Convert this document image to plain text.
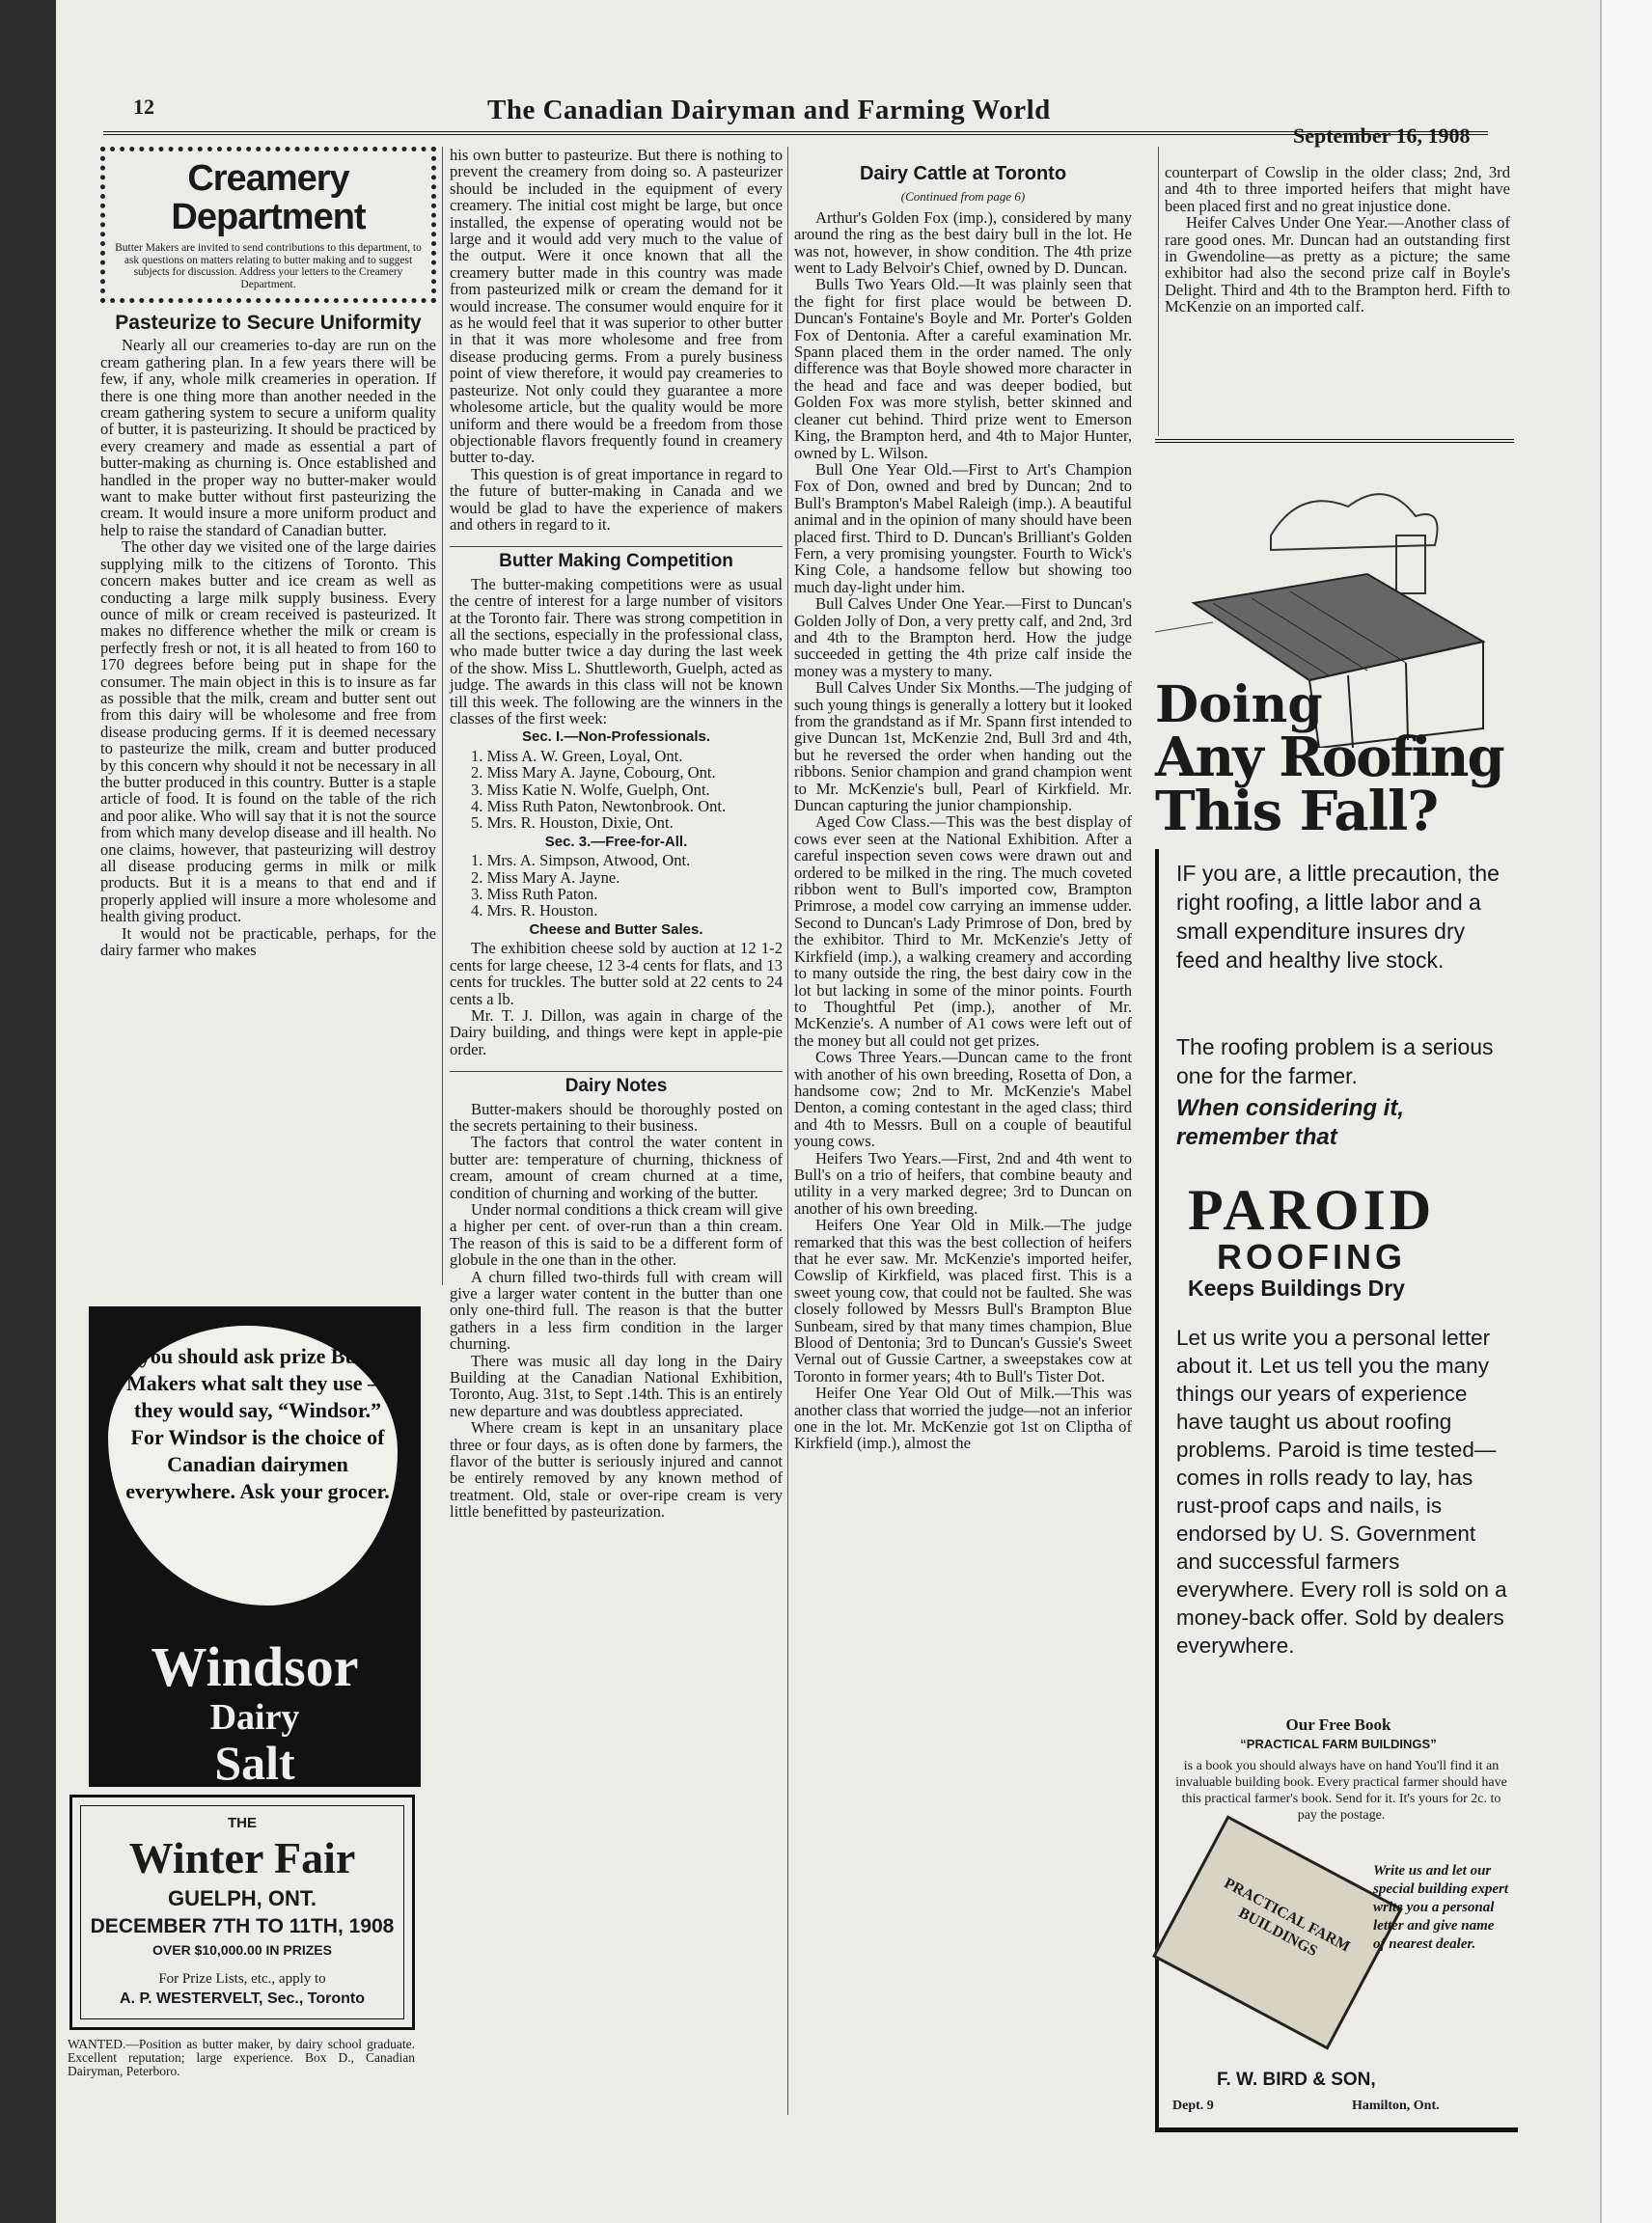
12	The Canadian Dairyman and Farming World
September 16, 1908
Creamery Department
Butter Makers are invited to send contributions to this department, to ask questions on matters relating to butter making and to suggest subjects for discussion. Address your letters to the Creamery Department.
Pasteurize to Secure Uniformity

Nearly all our creameries to-day are run on the cream gathering plan. In a few years there will be few, if any, whole milk creameries in operation. If there is one thing more than another needed in the cream gathering system to secure a uniform quality of butter, it is pasteurizing. It should be practiced by every creamery and made as essential a part of butter-making as churning is. Once established and handled in the proper way no butter-maker would want to make butter without first pasteurizing the cream. It would insure a more uniform product and help to raise the standard of Canadian butter.

The other day we visited one of the large dairies supplying milk to the citizens of Toronto. This concern makes butter and ice cream as well as conducting a large milk supply business. Every ounce of milk or cream received is pasteurized. It makes no difference whether the milk or cream is perfectly fresh or not, it is all heated to from 160 to 170 degrees before being put in shape for the consumer. The main object in this is to insure as far as possible that the milk, cream and butter sent out from this dairy will be wholesome and free from disease producing germs. If it is deemed necessary to pasteurize the milk, cream and butter produced by this concern why should it not be necessary in all the butter produced in this country. Butter is a staple article of food. It is found on the table of the rich and poor alike. Who will say that it is not the source from which many develop disease and ill health. No one claims, however, that pasteurizing will destroy all disease producing germs in milk or milk products. But it is a means to that end and if properly applied will insure a more wholesome and health giving product.

It would not be practicable, perhaps, for the dairy farmer who makes

his own butter to pasteurize. But there is nothing to prevent the creamery from doing so. A pasteurizer should be included in the equipment of every creamery. The initial cost might be large, but once installed, the expense of operating would not be large and it would add very much to the value of the output. Were it once known that all the creamery butter made in this country was made from pasteurized milk or cream the demand for it would increase. The consumer would enquire for it as he would feel that it was superior to other butter in that it was more wholesome and free from disease producing germs. From a purely business point of view therefore, it would pay creameries to pasteurize. Not only could they guarantee a more wholesome article, but the quality would be more uniform and there would be a freedom from those objectionable flavors frequently found in creamery butter to-day.

This question is of great importance in regard to the future of butter-making in Canada and we would be glad to have the experience of makers and others in regard to it.

Butter Making Competition

The butter-making competitions were as usual the centre of interest for a large number of visitors at the Toronto fair. There was strong competition in all the sections, especially in the professional class, who made butter twice a day during the last week of the show. Miss L. Shuttleworth, Guelph, acted as judge. The awards in this class will not be known till this week. The following are the winners in the classes of the first week:

Sec. I.—Non-Professionals.

1. Miss A. W. Green, Loyal, Ont.

2. Miss Mary A. Jayne, Cobourg, Ont.

3. Miss Katie N. Wolfe, Guelph, Ont.

4. Miss Ruth Paton, Newtonbrook. Ont.

5. Mrs. R. Houston, Dixie, Ont.

Sec. 3.—Free-for-All.

1. Mrs. A. Simpson, Atwood, Ont.

2. Miss Mary A. Jayne.

3. Miss Ruth Paton.

4. Mrs. R. Houston.

Cheese and Butter Sales.

The exhibition cheese sold by auction at 12 1-2 cents for large cheese, 12 3-4 cents for flats, and 13 cents for truckles. The butter sold at 22 cents to 24 cents a lb.

Mr. T. J. Dillon, was again in charge of the Dairy building, and things were kept in apple-pie order.

Dairy Notes

Butter-makers should be thoroughly posted on the secrets pertaining to their business.

The factors that control the water content in butter are: temperature of churning, thickness of cream, amount of cream churned at a time, condition of churning and working of the butter.

Under normal conditions a thick cream will give a higher per cent. of over-run than a thin cream. The reason of this is said to be a different form of globule in the one than in the other.

A churn filled two-thirds full with cream will give a larger water content in the butter than one only one-third full. The reason is that the butter gathers in a less firm condition in the larger churning.

There was music all day long in the Dairy Building at the Canadian National Exhibition, Toronto, Aug. 31st, to Sept .14th. This is an entirely new departure and was doubtless appreciated.

Where cream is kept in an unsanitary place three or four days, as is often done by farmers, the flavor of the butter is seriously injured and cannot be entirely removed by any known method of treatment. Old, stale or over-ripe cream is very little benefitted by pasteurization.

Dairy Cattle at Toronto
(Continued from page 6)

Arthur's Golden Fox (imp.), considered by many around the ring as the best dairy bull in the lot. He was not, however, in show condition. The 4th prize went to Lady Belvoir's Chief, owned by D. Duncan.

Bulls Two Years Old.—It was plainly seen that the fight for first place would be between D. Duncan's Fontaine's Boyle and Mr. Porter's Golden Fox of Dentonia. After a careful examination Mr. Spann placed them in the order named. The only difference was that Boyle showed more character in the head and face and was deeper bodied, but Golden Fox was more stylish, better skinned and cleaner cut behind. Third prize went to Emerson King, the Brampton herd, and 4th to Major Hunter, owned by L. Wilson.

Bull One Year Old.—First to Art's Champion Fox of Don, owned and bred by Duncan; 2nd to Bull's Brampton's Mabel Raleigh (imp.). A beautiful animal and in the opinion of many should have been placed first. Third to D. Duncan's Brilliant's Golden Fern, a very promising youngster. Fourth to Wick's King Cole, a handsome fellow but showing too much day-light under him.

Bull Calves Under One Year.—First to Duncan's Golden Jolly of Don, a very pretty calf, and 2nd, 3rd and 4th to the Brampton herd. How the judge succeeded in getting the 4th prize calf inside the money was a mystery to many.

Bull Calves Under Six Months.—The judging of such young things is generally a lottery but it looked from the grandstand as if Mr. Spann first intended to give Duncan 1st, McKenzie 2nd, Bull 3rd and 4th, but he reversed the order when handing out the ribbons. Senior champion and grand champion went to Mr. McKenzie's bull, Pearl of Kirkfield. Mr. Duncan capturing the junior championship.

Aged Cow Class.—This was the best display of cows ever seen at the National Exhibition. After a careful inspection seven cows were drawn out and ordered to be milked in the ring. The much coveted ribbon went to Bull's imported cow, Brampton Primrose, a model cow carrying an immense udder. Second to Duncan's Lady Primrose of Don, bred by the exhibitor. Third to Mr. McKenzie's Jetty of Kirkfield (imp.), a walking creamery and according to many outside the ring, the best dairy cow in the lot but lacking in some of the minor points. Fourth to Thoughtful Pet (imp.), another of Mr. McKenzie's. A number of A1 cows were left out of the money but all could not get prizes.

Cows Three Years.—Duncan came to the front with another of his own breeding, Rosetta of Don, a handsome cow; 2nd to Mr. McKenzie's Mabel Denton, a coming contestant in the aged class; third and 4th to Messrs. Bull on a couple of beautiful young cows.

Heifers Two Years.—First, 2nd and 4th went to Bull's on a trio of heifers, that combine beauty and utility in a very marked degree; 3rd to Duncan on another of his own breeding.

Heifers One Year Old in Milk.—The judge remarked that this was the best collection of heifers that he ever saw. Mr. McKenzie's imported heifer, Cowslip of Kirkfield, was placed first. This is a sweet young cow, that could not be faulted. She was closely followed by Messrs Bull's Brampton Blue Sunbeam, sired by that many times champion, Blue Blood of Dentonia; 3rd to Duncan's Gussie's Sweet Vernal out of Gussie Cartner, a sweepstakes cow at Toronto in former years; 4th to Bull's Tister Dot.

Heifer One Year Old Out of Milk.—This was another class that worried the judge—not an inferior one in the lot. Mr. McKenzie got 1st on Cliptha of Kirkfield (imp.), almost the

counterpart of Cowslip in the older class; 2nd, 3rd and 4th to three imported heifers that might have been placed first and no great injustice done.

Heifer Calves Under One Year.—Another class of rare good ones. Mr. Duncan had an outstanding first in Gwendoline—as pretty as a picture; the same exhibitor had also the second prize calf in Boyle's Delight. Third and 4th to the Brampton herd. Fifth to McKenzie on an imported calf.

If you should ask prize Butter-Makers what salt they use — they would say, “Windsor.” For Windsor is the choice of Canadian dairymen everywhere. Ask your grocer.
104
Windsor
Dairy
Salt
THE
Winter Fair
GUELPH, ONT.
DECEMBER 7TH TO 11TH, 1908
OVER $10,000.00 IN PRIZES
For Prize Lists, etc., apply to
A. P. WESTERVELT, Sec., Toronto
WANTED.—Position as butter maker, by dairy school graduate. Excellent reputation; large experience. Box D., Canadian Dairyman, Peterboro.
Doing
Any Roofing
This Fall?
IF you are, a little precaution, the right roofing, a little labor and a small expenditure insures dry feed and healthy live stock.
The roofing problem is a serious one for the farmer.
When considering it, remember that
PAROID
ROOFING
Keeps Buildings Dry
Let us write you a personal letter about it. Let us tell you the many things our years of experience have taught us about roofing problems. Paroid is time tested—comes in rolls ready to lay, has rust-proof caps and nails, is endorsed by U. S. Government and successful farmers everywhere. Every roll is sold on a money-back offer. Sold by dealers everywhere.
Our Free Book
“PRACTICAL FARM BUILDINGS”
is a book you should always have on hand You'll find it an invaluable building book. Every practical farmer should have this practical farmer's book. Send for it. It's yours for 2c. to pay the postage.
PRACTICAL FARM BUILDINGS
Write us and let our special building expert write you a personal letter and give name of nearest dealer.
F. W. BIRD & SON,
Dept. 9	Hamilton, Ont.
